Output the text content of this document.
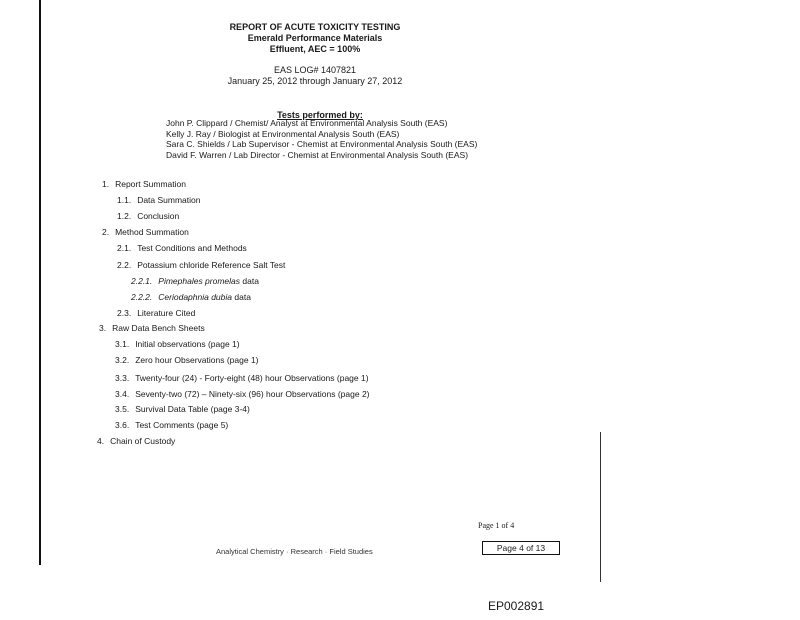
REPORT OF ACUTE TOXICITY TESTING
Emerald Performance Materials
Effluent, AEC = 100%
EAS LOG# 1407821
January 25, 2012 through January 27, 2012
Tests performed by:
John P. Clippard / Chemist/ Analyst at Environmental Analysis South (EAS)
Kelly J. Ray / Biologist at Environmental Analysis South (EAS)
Sara C. Shields / Lab Supervisor - Chemist at Environmental Analysis South (EAS)
David F. Warren / Lab Director - Chemist at Environmental Analysis South (EAS)
1. Report Summation
1.1. Data Summation
1.2. Conclusion
2. Method Summation
2.1. Test Conditions and Methods
2.2. Potassium chloride Reference Salt Test
2.2.1. Pimephales promelas data
2.2.2. Ceriodaphnia dubia data
2.3. Literature Cited
3. Raw Data Bench Sheets
3.1. Initial observations (page 1)
3.2. Zero hour Observations (page 1)
3.3. Twenty-four (24) - Forty-eight (48) hour Observations (page 1)
3.4. Seventy-two (72) – Ninety-six (96) hour Observations (page 2)
3.5. Survival Data Table (page 3-4)
3.6. Test Comments (page 5)
4. Chain of Custody
Page 1 of 4
Analytical Chemistry · Research · Field Studies	Page 4 of 13
EP002891
